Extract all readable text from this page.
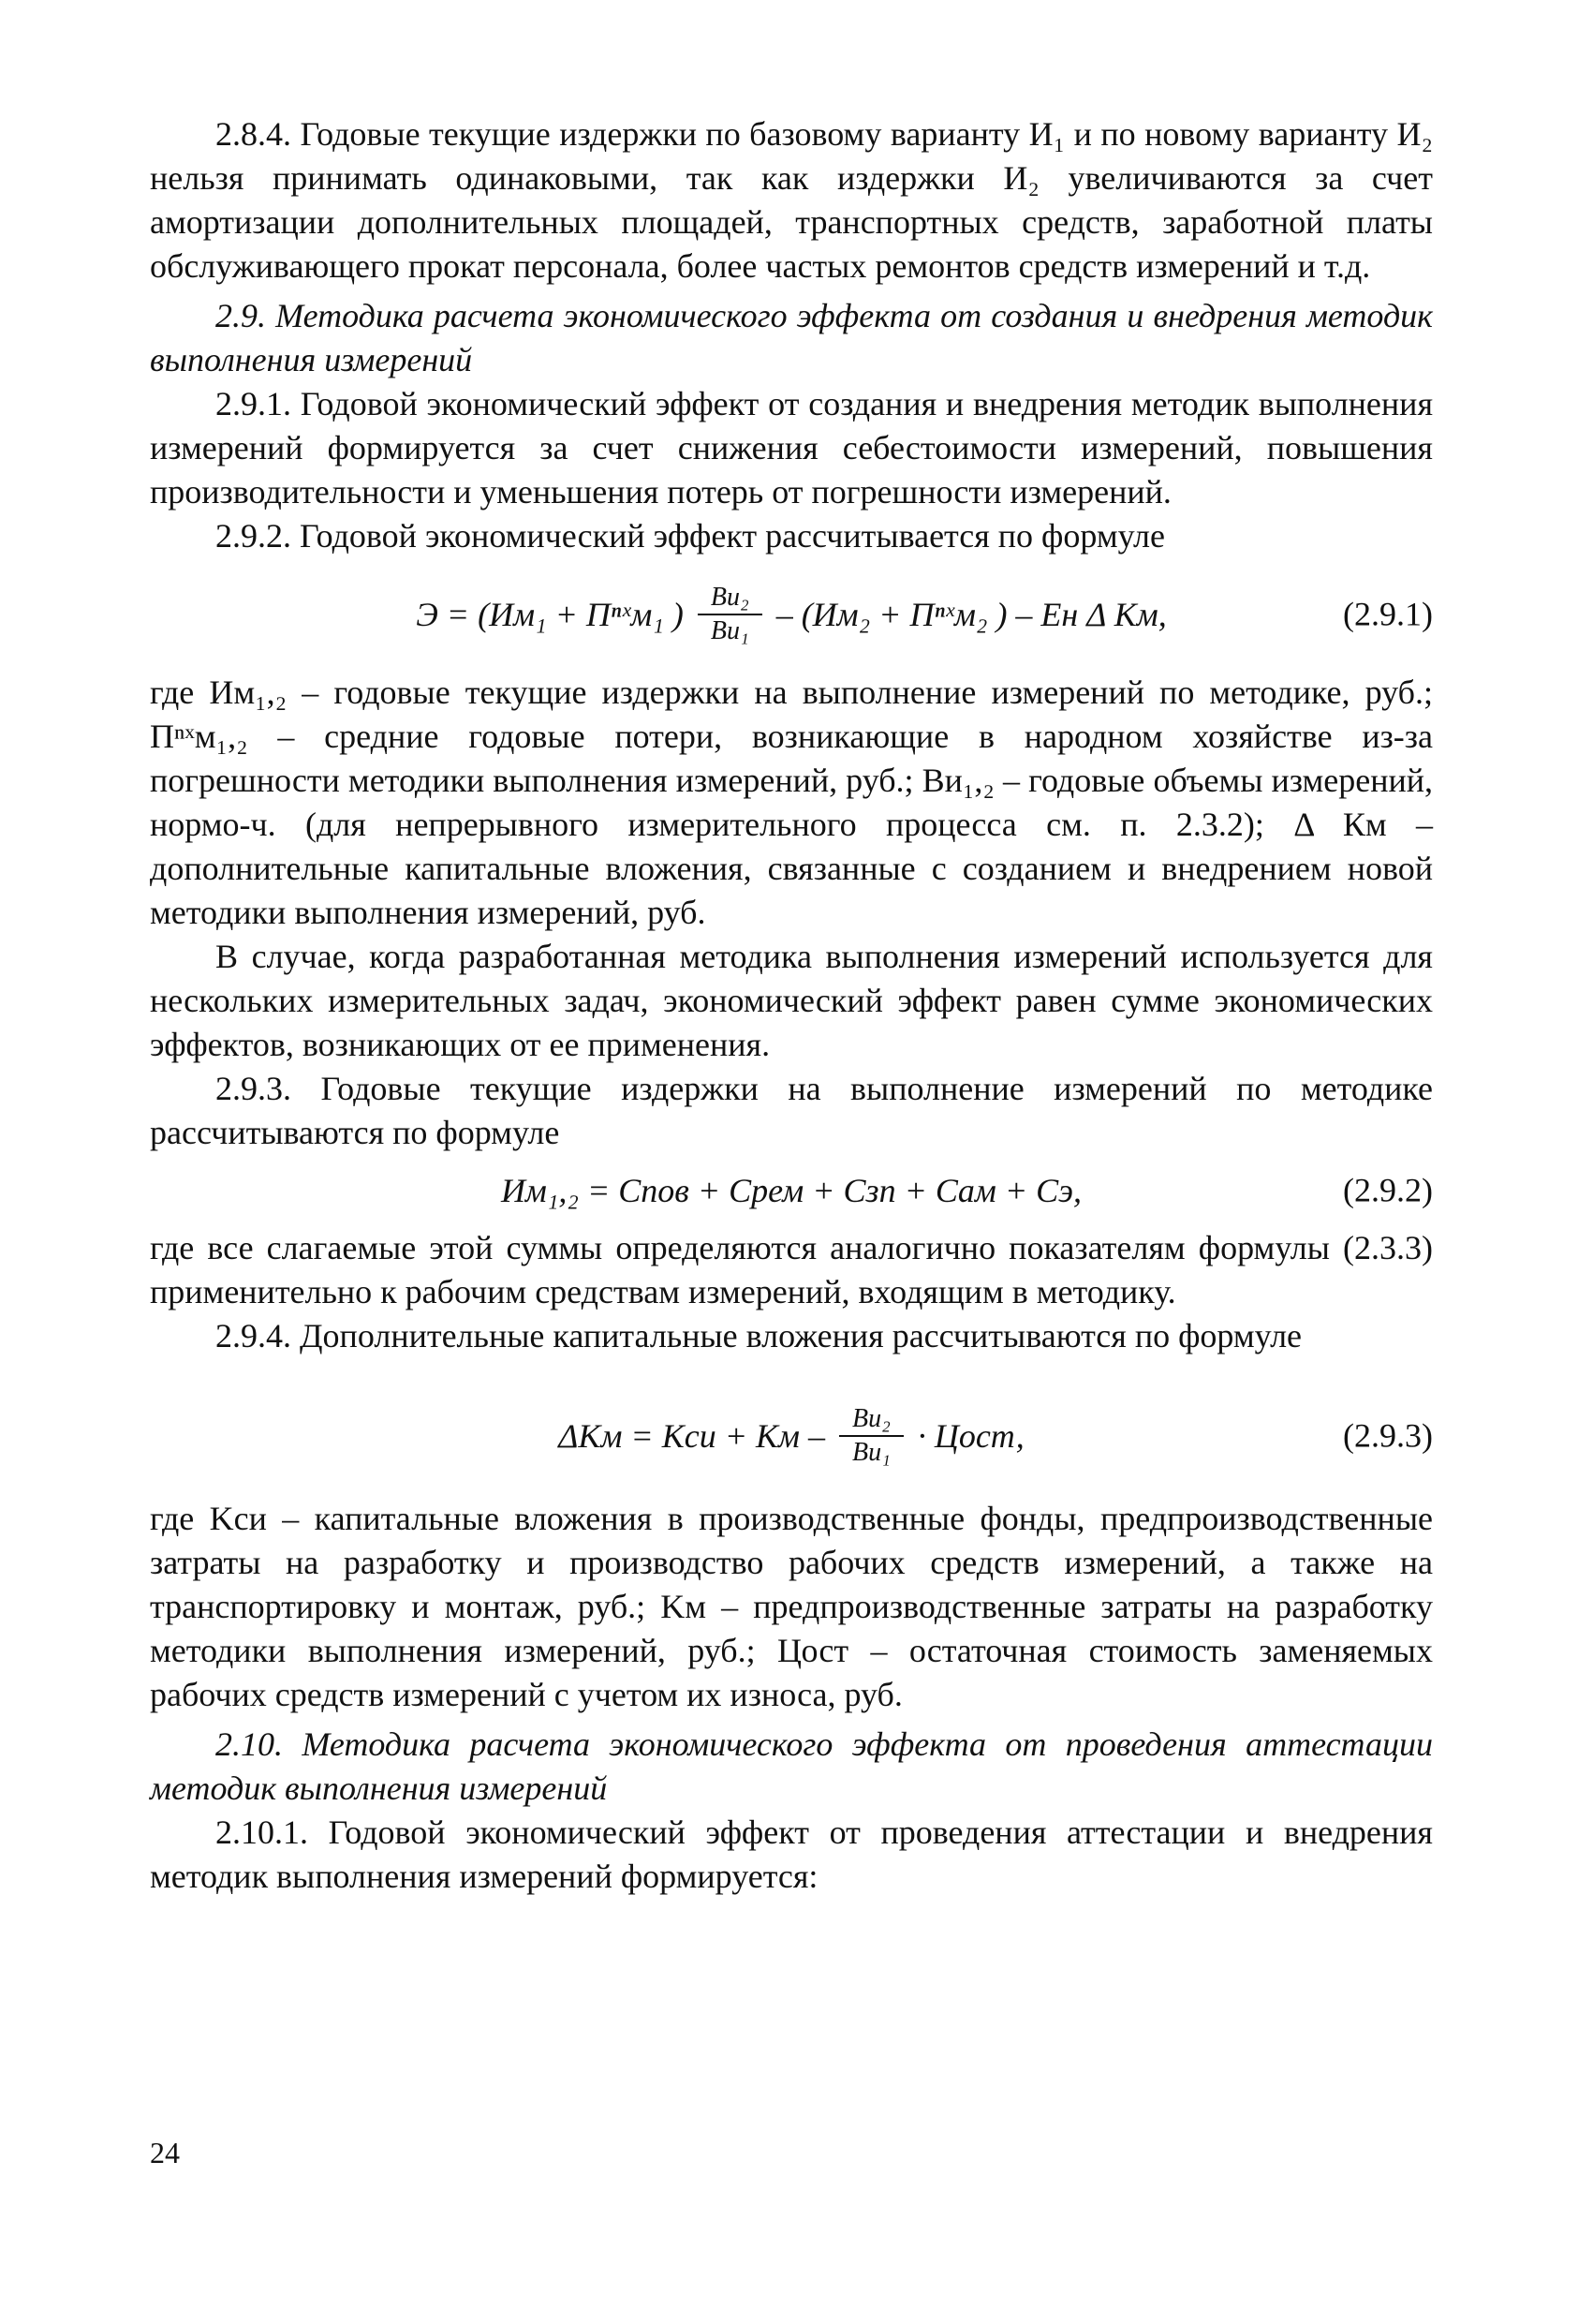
2.8.4. Годовые текущие издержки по базовому варианту И₁ и по новому варианту И₂ нельзя принимать одинаковыми, так как издержки И₂ увеличиваются за счет амортизации дополнительных площадей, транспортных средств, заработной платы обслуживающего прокат персонала, более частых ремонтов средств измерений и т.д.

2.9. Методика расчета экономического эффекта от создания и внедрения методик выполнения измерений

2.9.1. Годовой экономический эффект от создания и внедрения методик выполнения измерений формируется за счет снижения себестоимости измерений, повышения производительности и уменьшения потерь от погрешности измерений.

2.9.2. Годовой экономический эффект рассчитывается по формуле

Э = (Им₁ + Пⁿˣм₁ ) $\frac{\text{Ви₂}}{\text{Ви₁}} - (Им_2$ + Пⁿˣм₂ ) – Eн Δ Kм,	(2.9.1)

где Им₁,₂ – годовые текущие издержки на выполнение измерений по методике, руб.; Пⁿˣм₁,₂ – средние годовые потери, возникающие в народном хозяйстве из-за погрешности методики выполнения измерений, руб.; Ви₁,₂ – годовые объемы измерений, нормо-ч. (для непрерывного измерительного процесса см. п. 2.3.2); Δ Км – дополнительные капитальные вложения, связанные с созданием и внедрением новой методики выполнения измерений, руб.

В случае, когда разработанная методика выполнения измерений используется для нескольких измерительных задач, экономический эффект равен сумме экономических эффектов, возникающих от ее применения.

2.9.3. Годовые текущие издержки на выполнение измерений по методике рассчитываются по формуле

Им₁,₂ = Cпов + Cрем + Cзп + Cам + Cэ,	(2.9.2)

где все слагаемые этой суммы определяются аналогично показателям формулы (2.3.3) применительно к рабочим средствам измерений, входящим в методику.

2.9.4. Дополнительные капитальные вложения рассчитываются по формуле

ΔKм = Kси + Kм – $\frac{\text{Ви₂}}{\text{Ви₁}}$ · Цост,	(2.9.3)

где Kси – капитальные вложения в производственные фонды, предпроизводственные затраты на разработку и производство рабочих средств измерений, а также на транспортировку и монтаж, руб.; Kм – предпроизводственные затраты на разработку методики выполнения измерений, руб.; Цост – остаточная стоимость заменяемых рабочих средств измерений с учетом их износа, руб.

2.10. Методика расчета экономического эффекта от проведения аттестации методик выполнения измерений

2.10.1. Годовой экономический эффект от проведения аттестации и внедрения методик выполнения измерений формируется:

24
